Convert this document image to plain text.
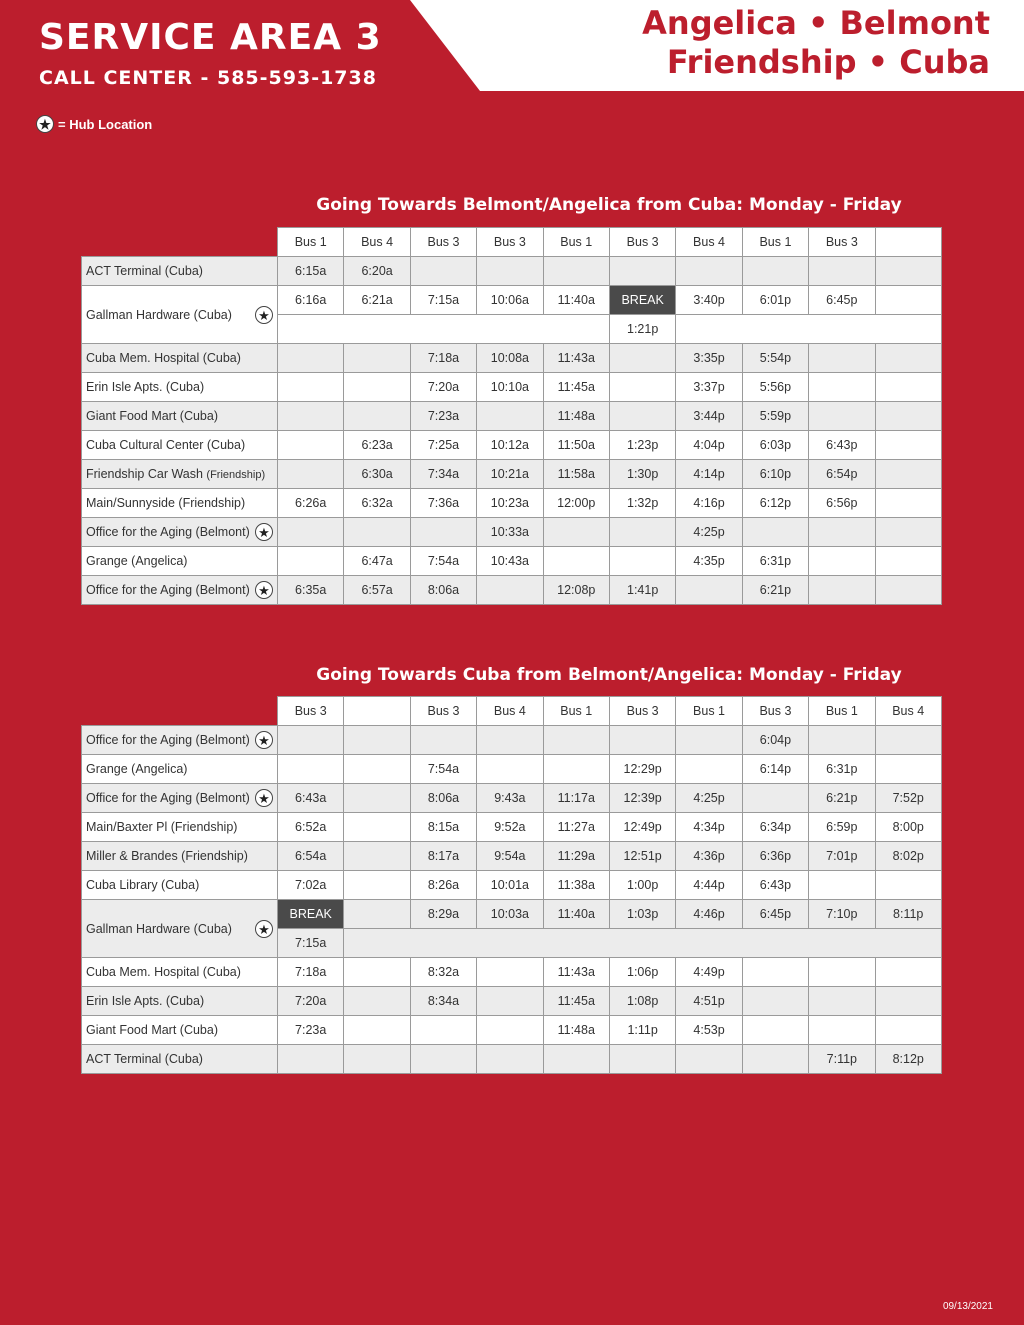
Angelica • Belmont
Friendship • Cuba
SERVICE AREA 3
CALL CENTER - 585-593-1738
★ = Hub Location
Going Towards Belmont/Angelica from Cuba: Monday - Friday
	Bus 1	Bus 4	Bus 3	Bus 3	Bus 1	Bus 3	Bus 4	Bus 1	Bus 3	
ACT Terminal (Cuba)	6:15a	6:20a								
Gallman Hardware (Cuba) ★	6:16a	6:21a	7:15a	10:06a	11:40a	BREAK	3:40p	6:01p	6:45p	
						1:21p				
Cuba Mem. Hospital (Cuba)			7:18a	10:08a	11:43a		3:35p	5:54p		
Erin Isle Apts. (Cuba)			7:20a	10:10a	11:45a		3:37p	5:56p		
Giant Food Mart (Cuba)			7:23a		11:48a		3:44p	5:59p		
Cuba Cultural Center (Cuba)		6:23a	7:25a	10:12a	11:50a	1:23p	4:04p	6:03p	6:43p	
Friendship Car Wash (Friendship)		6:30a	7:34a	10:21a	11:58a	1:30p	4:14p	6:10p	6:54p	
Main/Sunnyside (Friendship)	6:26a	6:32a	7:36a	10:23a	12:00p	1:32p	4:16p	6:12p	6:56p	
Office for the Aging (Belmont) ★				10:33a			4:25p			
Grange (Angelica)		6:47a	7:54a	10:43a			4:35p	6:31p		
Office for the Aging (Belmont) ★	6:35a	6:57a	8:06a		12:08p	1:41p		6:21p		
Going Towards Cuba from Belmont/Angelica: Monday - Friday
	Bus 3		Bus 3	Bus 4	Bus 1	Bus 3	Bus 1	Bus 3	Bus 1	Bus 4
Office for the Aging (Belmont) ★								6:04p		
Grange (Angelica)			7:54a			12:29p		6:14p	6:31p	
Office for the Aging (Belmont) ★	6:43a		8:06a	9:43a	11:17a	12:39p	4:25p		6:21p	7:52p
Main/Baxter Pl (Friendship)	6:52a		8:15a	9:52a	11:27a	12:49p	4:34p	6:34p	6:59p	8:00p
Miller & Brandes (Friendship)	6:54a		8:17a	9:54a	11:29a	12:51p	4:36p	6:36p	7:01p	8:02p
Cuba Library (Cuba)	7:02a		8:26a	10:01a	11:38a	1:00p	4:44p	6:43p		
Gallman Hardware (Cuba) ★	BREAK		8:29a	10:03a	11:40a	1:03p	4:46p	6:45p	7:10p	8:11p
	7:15a									
Cuba Mem. Hospital (Cuba)	7:18a		8:32a		11:43a	1:06p	4:49p			
Erin Isle Apts. (Cuba)	7:20a		8:34a		11:45a	1:08p	4:51p			
Giant Food Mart (Cuba)	7:23a				11:48a	1:11p	4:53p			
ACT Terminal (Cuba)									7:11p	8:12p
09/13/2021
